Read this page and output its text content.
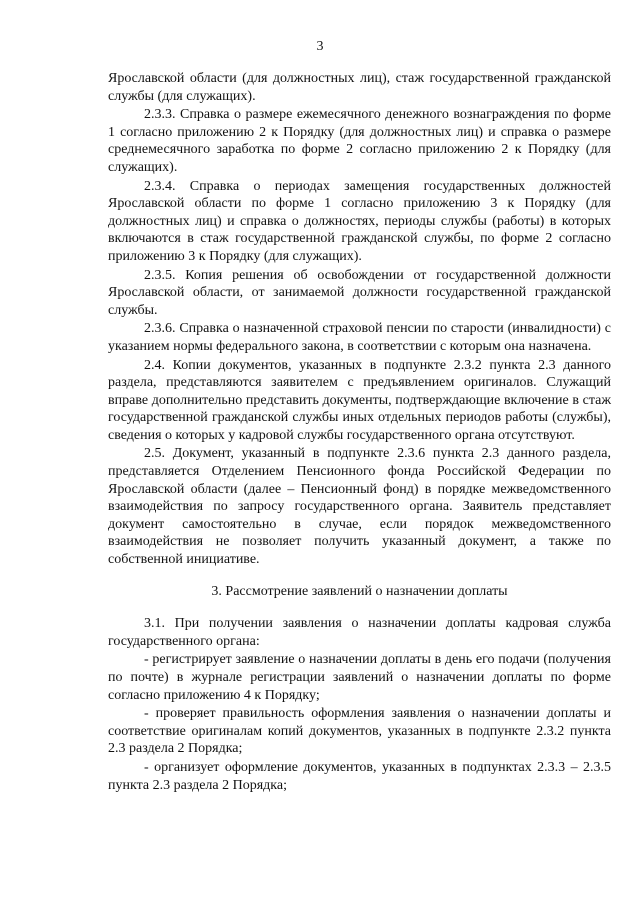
3

Ярославской области (для должностных лиц), стаж государственной гражданской службы (для служащих).

2.3.3. Справка о размере ежемесячного денежного вознаграждения по форме 1 согласно приложению 2 к Порядку (для должностных лиц) и справка о размере среднемесячного заработка по форме 2 согласно приложению 2 к Порядку (для служащих).

2.3.4. Справка о периодах замещения государственных должностей Ярославской области по форме 1 согласно приложению 3 к Порядку (для должностных лиц) и справка о должностях, периоды службы (работы) в которых включаются в стаж государственной гражданской службы, по форме 2 согласно приложению 3 к Порядку (для служащих).

2.3.5. Копия решения об освобождении от государственной должности Ярославской области, от занимаемой должности государственной гражданской службы.

2.3.6. Справка о назначенной страховой пенсии по старости (инвалидности) с указанием нормы федерального закона, в соответствии с которым она назначена.

2.4. Копии документов, указанных в подпункте 2.3.2 пункта 2.3 данного раздела, представляются заявителем с предъявлением оригиналов. Служащий вправе дополнительно представить документы, подтверждающие включение в стаж государственной гражданской службы иных отдельных периодов работы (службы), сведения о которых у кадровой службы государственного органа отсутствуют.

2.5. Документ, указанный в подпункте 2.3.6 пункта 2.3 данного раздела, представляется Отделением Пенсионного фонда Российской Федерации по Ярославской области (далее – Пенсионный фонд) в порядке межведомственного взаимодействия по запросу государственного органа. Заявитель представляет документ самостоятельно в случае, если порядок межведомственного взаимодействия не позволяет получить указанный документ, а также по собственной инициативе.

3. Рассмотрение заявлений о назначении доплаты

3.1. При получении заявления о назначении доплаты кадровая служба государственного органа:

- регистрирует заявление о назначении доплаты в день его подачи (получения по почте) в журнале регистрации заявлений о назначении доплаты по форме согласно приложению 4 к Порядку;

- проверяет правильность оформления заявления о назначении доплаты и соответствие оригиналам копий документов, указанных в подпункте 2.3.2 пункта 2.3 раздела 2 Порядка;

- организует оформление документов, указанных в подпунктах 2.3.3 – 2.3.5 пункта 2.3 раздела 2 Порядка;
